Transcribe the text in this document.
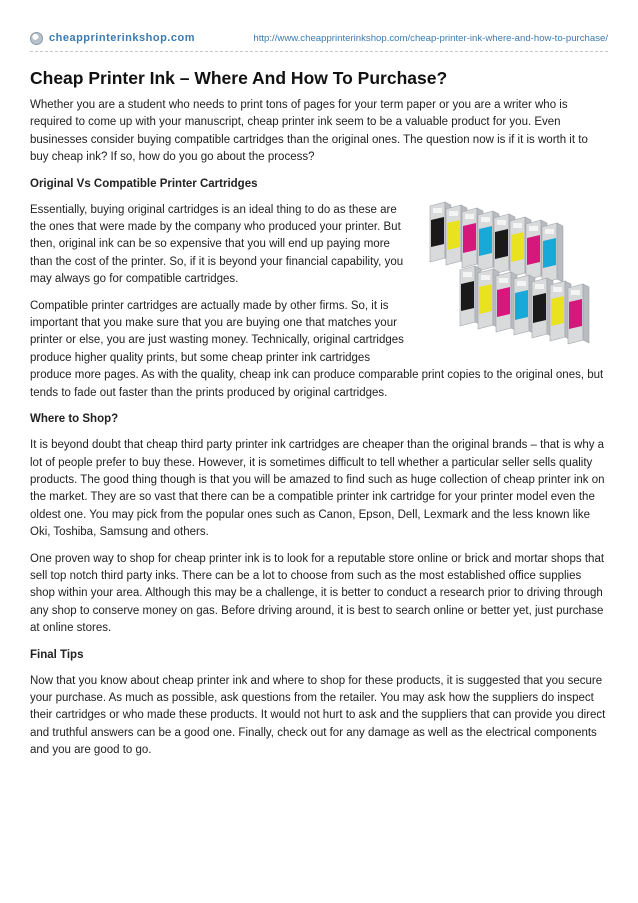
cheapprinterinkshop.com	http://www.cheapprinterinkshop.com/cheap-printer-ink-where-and-how-to-purchase/
Cheap Printer Ink – Where And How To Purchase?

Whether you are a student who needs to print tons of pages for your term paper or you are a writer who is required to come up with your manuscript, cheap printer ink seem to be a valuable product for you. Even businesses consider buying compatible cartridges than the original ones. The question now is if it is worth it to buy cheap ink? If so, how do you go about the process?

Original Vs Compatible Printer Cartridges

Essentially, buying original cartridges is an ideal thing to do as these are the ones that were made by the company who produced your printer. But then, original ink can be so expensive that you will end up paying more than the cost of the printer. So, if it is beyond your financial capability, you may always go for compatible cartridges.

Compatible printer cartridges are actually made by other firms. So, it is important that you make sure that you are buying one that matches your printer or else, you are just wasting money. Technically, original cartridges produce higher quality prints, but some cheap printer ink cartridges produce more pages. As with the quality, cheap ink can produce comparable print copies to the original ones, but tends to fade out faster than the prints produced by original cartridges.

Where to Shop?

It is beyond doubt that cheap third party printer ink cartridges are cheaper than the original brands – that is why a lot of people prefer to buy these. However, it is sometimes difficult to tell whether a particular seller sells quality products. The good thing though is that you will be amazed to find such as huge collection of cheap printer ink on the market. They are so vast that there can be a compatible printer ink cartridge for your printer model even the oldest one. You may pick from the popular ones such as Canon, Epson, Dell, Lexmark and the less known like Oki, Toshiba, Samsung and others.

One proven way to shop for cheap printer ink is to look for a reputable store online or brick and mortar shops that sell top notch third party inks. There can be a lot to choose from such as the most established office supplies shop within your area. Although this may be a challenge, it is better to conduct a research prior to driving through any shop to conserve money on gas. Before driving around, it is best to search online or better yet, just purchase at online stores.

Final Tips

Now that you know about cheap printer ink and where to shop for these products, it is suggested that you secure your purchase. As much as possible, ask questions from the retailer. You may ask how the suppliers do inspect their cartridges or who made these products. It would not hurt to ask and the suppliers that can provide you direct and truthful answers can be a good one. Finally, check out for any damage as well as the electrical components and you are good to go.
